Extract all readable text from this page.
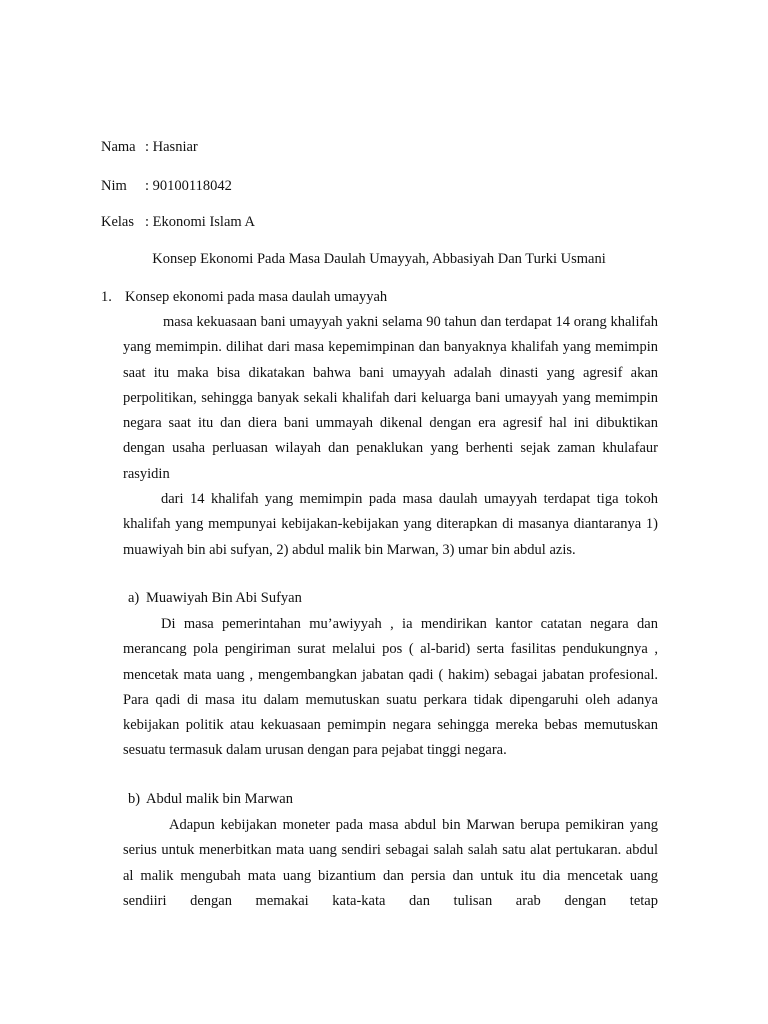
Nama : Hasniar
Nim : 90100118042
Kelas : Ekonomi Islam A
Konsep Ekonomi Pada Masa Daulah Umayyah, Abbasiyah Dan Turki Usmani
1. Konsep ekonomi pada masa daulah umayyah
masa kekuasaan bani umayyah yakni selama 90 tahun dan terdapat 14 orang khalifah yang memimpin. dilihat dari masa kepemimpinan dan banyaknya khalifah yang memimpin saat itu maka bisa dikatakan bahwa bani umayyah adalah dinasti yang agresif akan perpolitikan, sehingga banyak sekali khalifah dari keluarga bani umayyah yang memimpin negara saat itu dan diera bani ummayah dikenal dengan era agresif hal ini dibuktikan dengan usaha perluasan wilayah dan penaklukan yang berhenti sejak zaman khulafaur rasyidin
dari 14 khalifah yang memimpin pada masa daulah umayyah terdapat tiga tokoh khalifah yang mempunyai kebijakan-kebijakan yang diterapkan di masanya diantaranya 1) muawiyah bin abi sufyan, 2) abdul malik bin Marwan, 3) umar bin abdul azis.
a) Muawiyah Bin Abi Sufyan
Di masa pemerintahan mu’awiyyah , ia mendirikan kantor catatan negara dan merancang pola pengiriman surat melalui pos ( al-barid) serta fasilitas pendukungnya , mencetak mata uang , mengembangkan jabatan qadi ( hakim) sebagai jabatan profesional. Para qadi di masa itu dalam memutuskan suatu perkara tidak dipengaruhi oleh adanya kebijakan politik atau kekuasaan pemimpin negara sehingga mereka bebas memutuskan sesuatu termasuk dalam urusan dengan para pejabat tinggi negara.
b) Abdul malik bin Marwan
Adapun kebijakan moneter pada masa abdul bin Marwan berupa pemikiran yang serius untuk menerbitkan mata uang sendiri sebagai salah salah satu alat pertukaran. abdul al malik mengubah mata uang bizantium dan persia dan untuk itu dia mencetak uang sendiiri dengan memakai kata-kata dan tulisan arab dengan tetap
